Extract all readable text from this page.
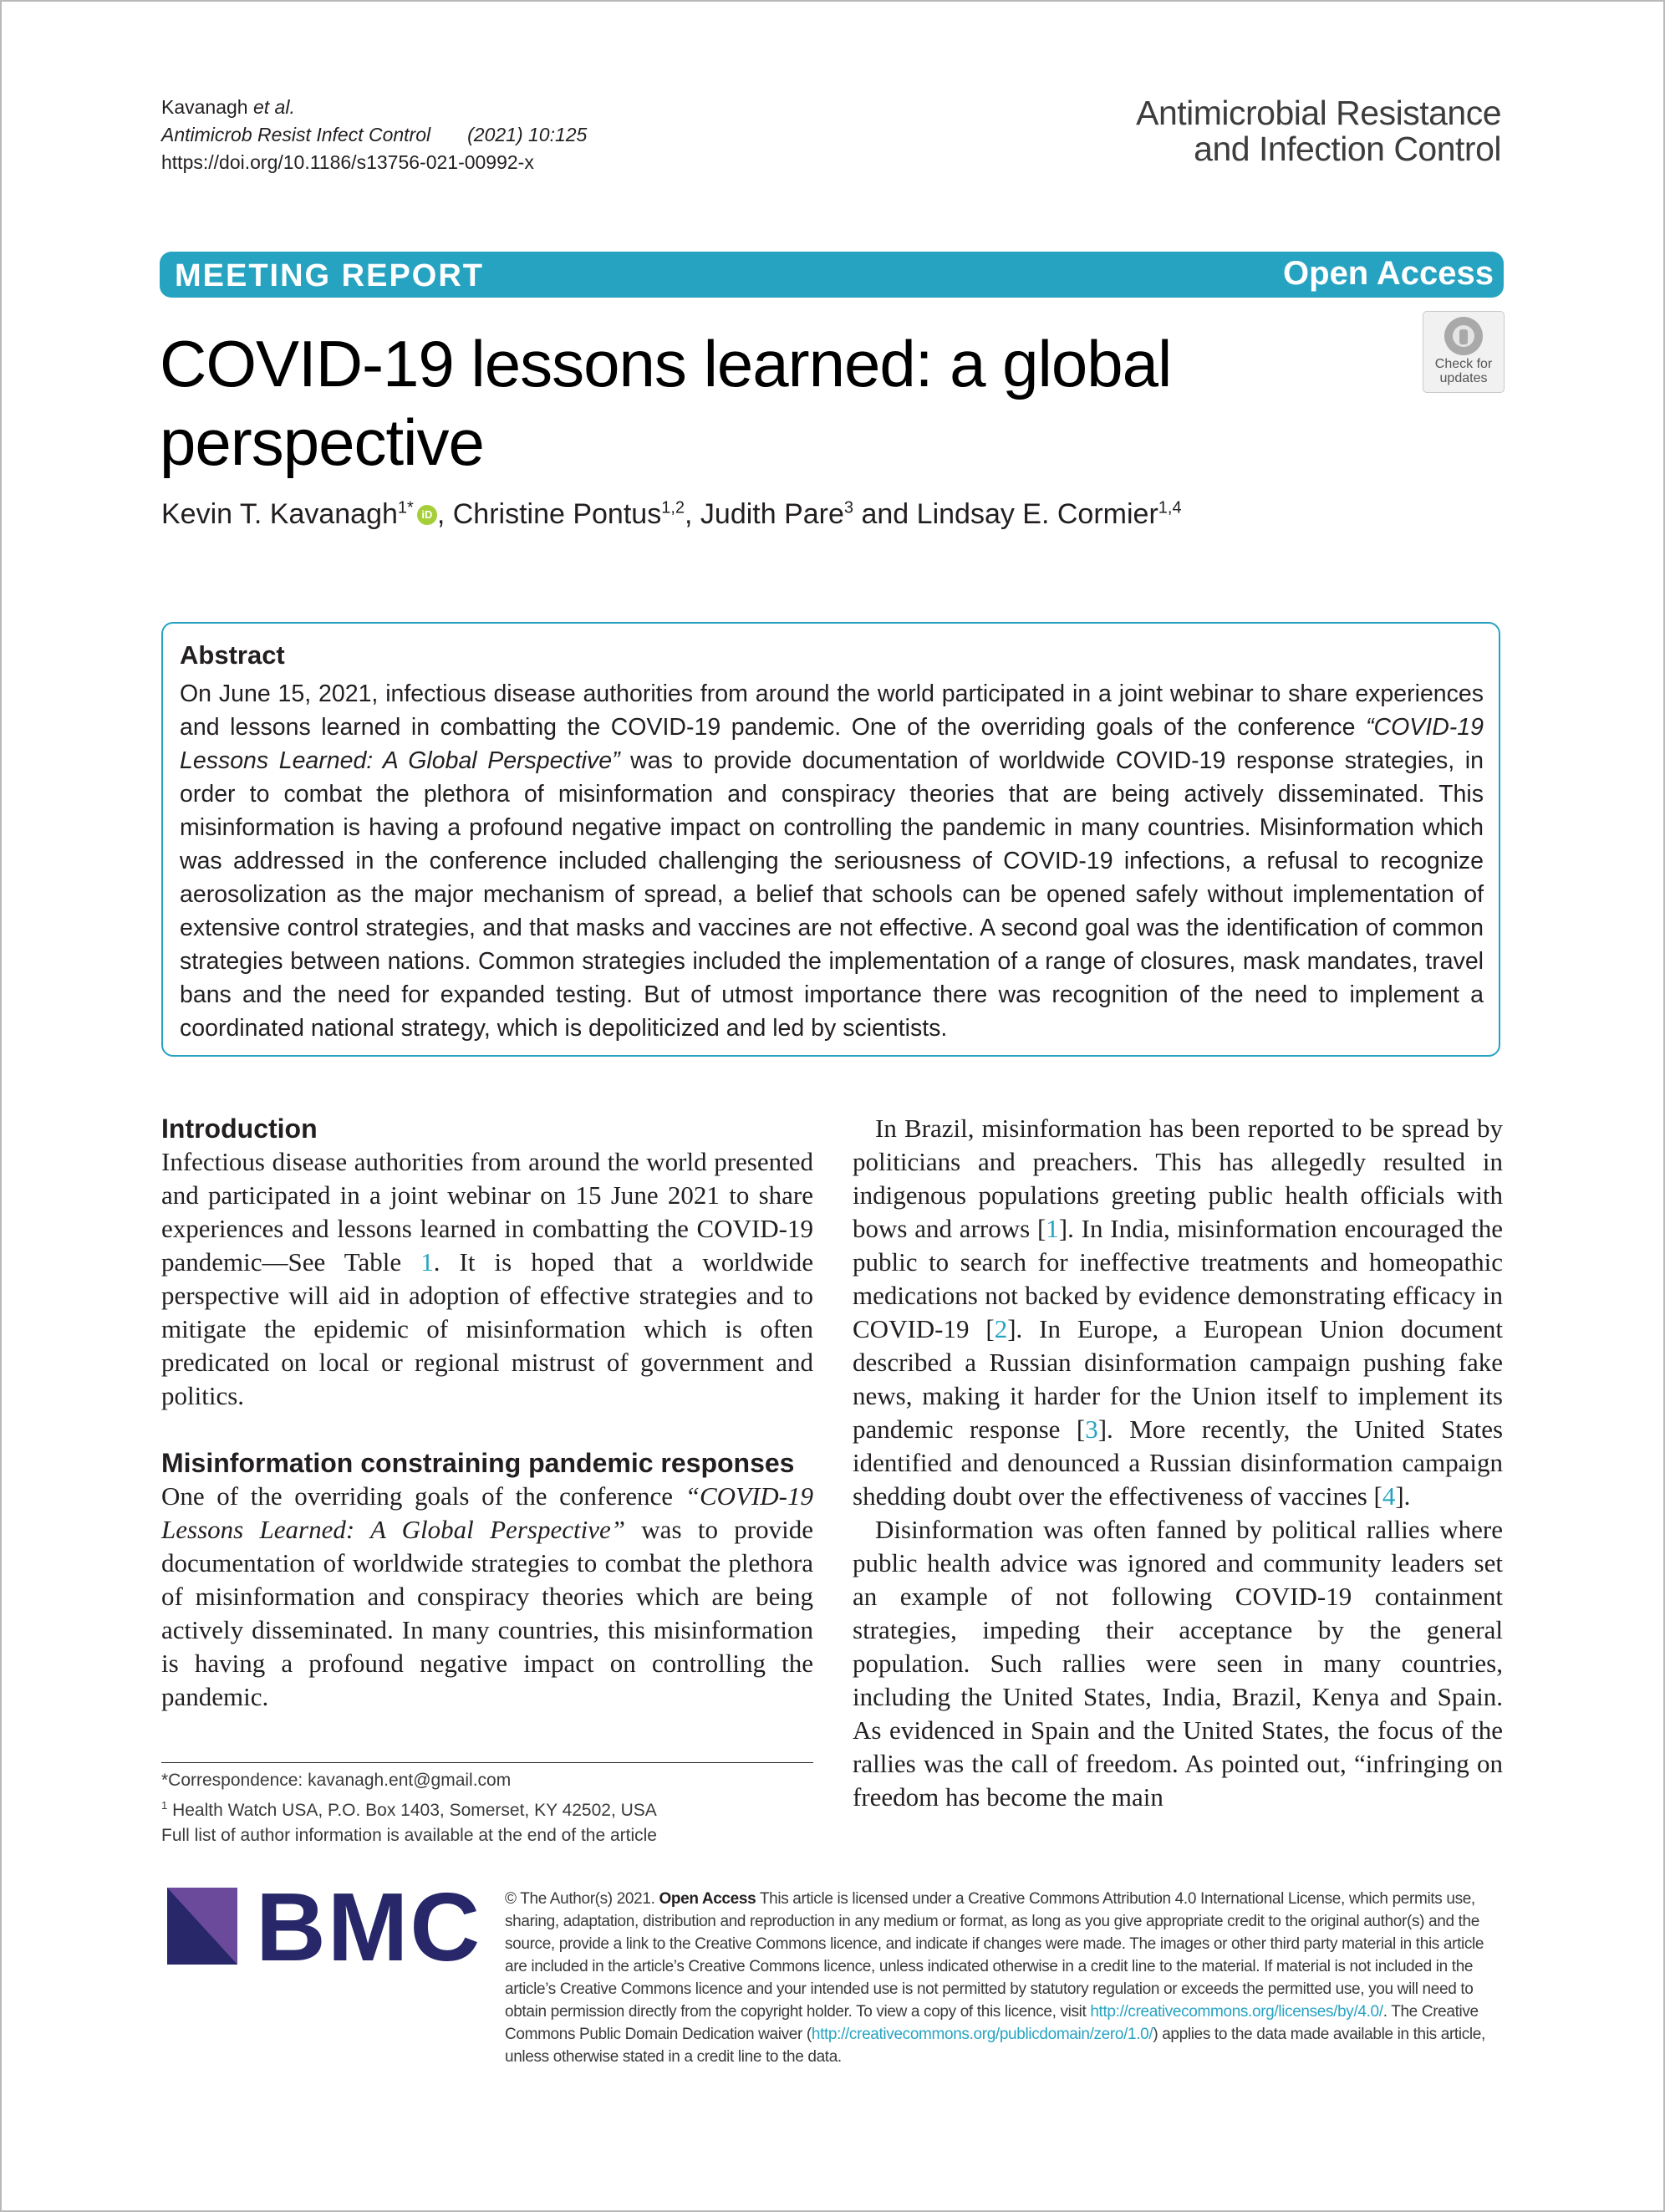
Kavanagh et al.
Antimicrob Resist Infect Control (2021) 10:125
https://doi.org/10.1186/s13756-021-00992-x
Antimicrobial Resistance
and Infection Control
MEETING REPORT	Open Access
Check for
updates
COVID-19 lessons learned: a global perspective
Kevin T. Kavanagh$^{1*}$ iD , Christine Pontus$^{1,2}$, Judith Pare$^3$ and Lindsay E. Cormier$^{1,4}$
Abstract
On June 15, 2021, infectious disease authorities from around the world participated in a joint webinar to share experiences and lessons learned in combatting the COVID-19 pandemic. One of the overriding goals of the conference “COVID-19 Lessons Learned: A Global Perspective” was to provide documentation of worldwide COVID-19 response strategies, in order to combat the plethora of misinformation and conspiracy theories that are being actively disseminated. This misinformation is having a profound negative impact on controlling the pandemic in many countries. Misinformation which was addressed in the conference included challenging the seriousness of COVID-19 infections, a refusal to recognize aerosolization as the major mechanism of spread, a belief that schools can be opened safely without implementation of extensive control strategies, and that masks and vaccines are not effective. A second goal was the identification of common strategies between nations. Common strategies included the implementation of a range of closures, mask mandates, travel bans and the need for expanded testing. But of utmost importance there was recognition of the need to implement a coordinated national strategy, which is depoliticized and led by scientists.
Introduction

Infectious disease authorities from around the world presented and participated in a joint webinar on 15 June 2021 to share experiences and lessons learned in combatting the COVID-19 pandemic—See Table 1. It is hoped that a worldwide perspective will aid in adoption of effective strategies and to mitigate the epidemic of misinformation which is often predicated on local or regional mistrust of government and politics.

Misinformation constraining pandemic responses

One of the overriding goals of the conference “COVID-19 Lessons Learned: A Global Perspective” was to provide documentation of worldwide strategies to combat the plethora of misinformation and conspiracy theories which are being actively disseminated. In many countries, this misinformation is having a profound negative impact on controlling the pandemic.

In Brazil, misinformation has been reported to be spread by politicians and preachers. This has allegedly resulted in indigenous populations greeting public health officials with bows and arrows [1]. In India, misinformation encouraged the public to search for ineffective treatments and homeopathic medications not backed by evidence demonstrating efficacy in COVID-19 [2]. In Europe, a European Union document described a Russian disinformation campaign pushing fake news, making it harder for the Union itself to implement its pandemic response [3]. More recently, the United States identified and denounced a Russian disinformation campaign shedding doubt over the effectiveness of vaccines [4].

Disinformation was often fanned by political rallies where public health advice was ignored and community leaders set an example of not following COVID-19 containment strategies, impeding their acceptance by the general population. Such rallies were seen in many countries, including the United States, India, Brazil, Kenya and Spain. As evidenced in Spain and the United States, the focus of the rallies was the call of freedom. As pointed out, “infringing on freedom has become the main

*Correspondence: kavanagh.ent@gmail.com
$^1$ Health Watch USA, P.O. Box 1403, Somerset, KY 42502, USA
Full list of author information is available at the end of the article
BMC © The Author(s) 2021. Open Access This article is licensed under a Creative Commons Attribution 4.0 International License, which permits use, sharing, adaptation, distribution and reproduction in any medium or format, as long as you give appropriate credit to the original author(s) and the source, provide a link to the Creative Commons licence, and indicate if changes were made. The images or other third party material in this article are included in the article’s Creative Commons licence, unless indicated otherwise in a credit line to the material. If material is not included in the article’s Creative Commons licence and your intended use is not permitted by statutory regulation or exceeds the permitted use, you will need to obtain permission directly from the copyright holder. To view a copy of this licence, visit http://creativecommons.org/licenses/by/4.0/. The Creative Commons Public Domain Dedication waiver (http://creativecommons.org/publicdomain/zero/1.0/) applies to the data made available in this article, unless otherwise stated in a credit line to the data.
